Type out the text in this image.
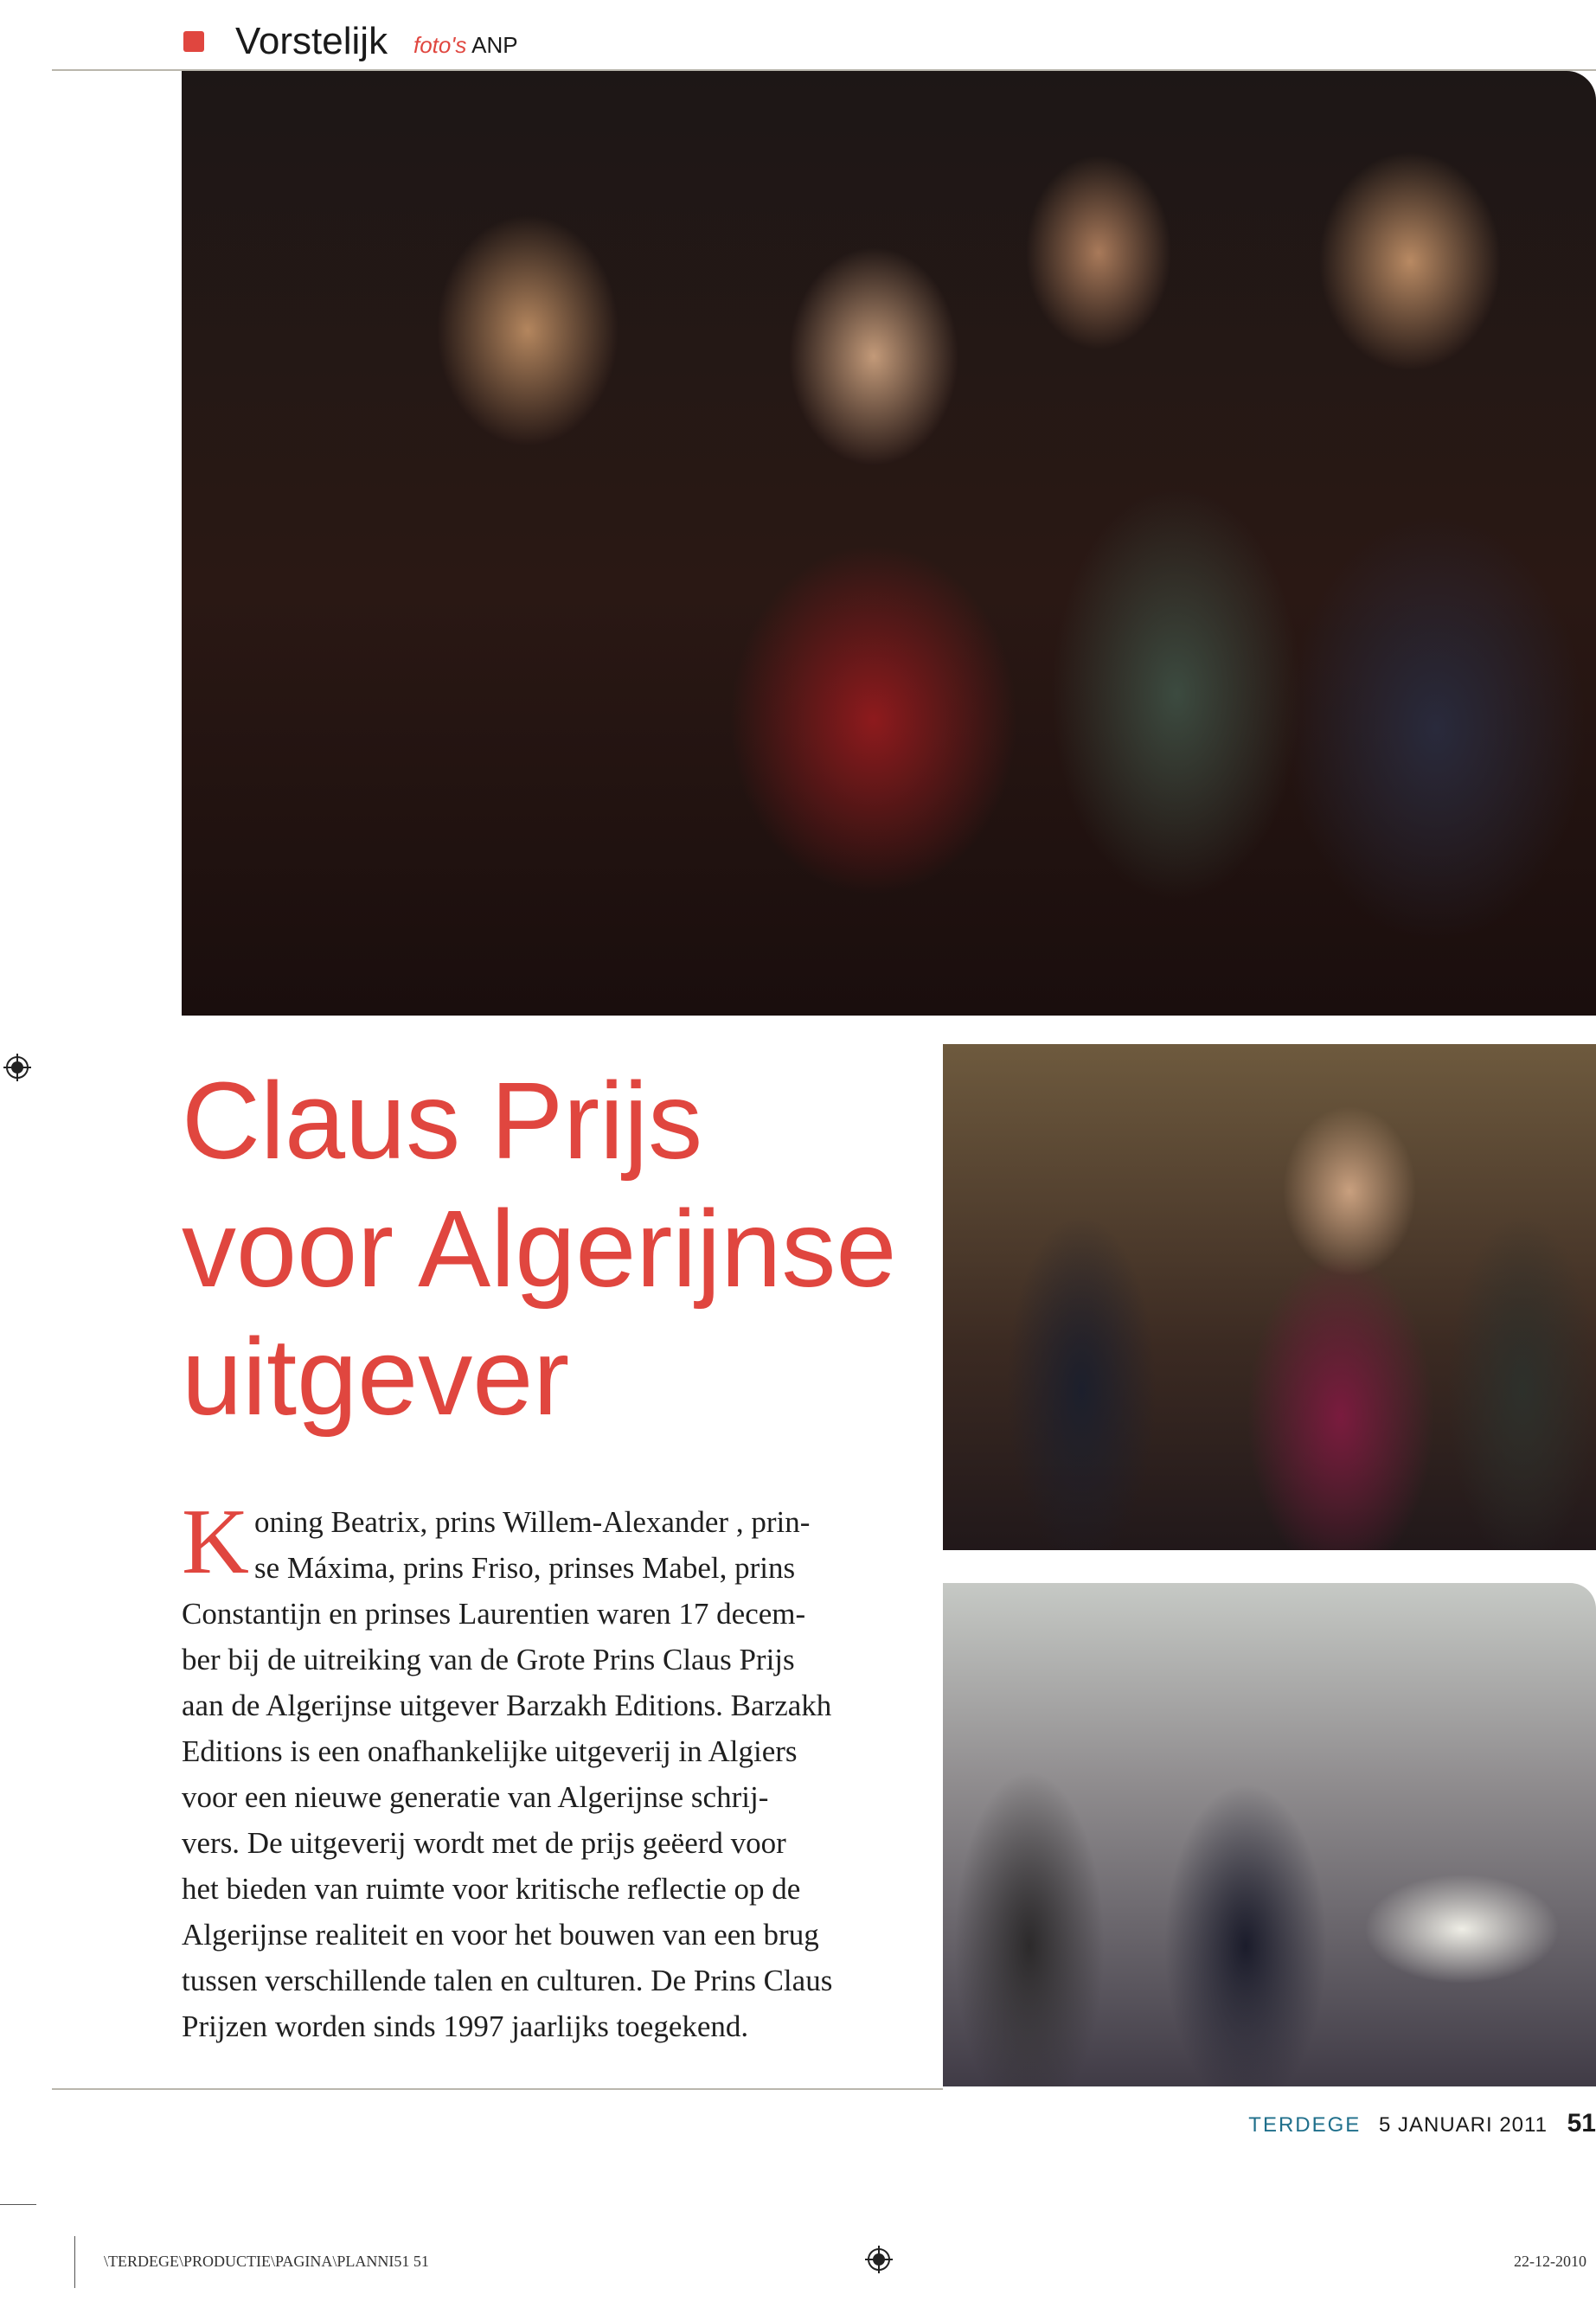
Vorstelijk foto's ANP
Claus Prijs
voor Algerijnse
uitgever
K oning Beatrix, prins Willem-Alexander , prin-
se Máxima, prins Friso, prinses Mabel, prins
Constantijn en prinses Laurentien waren 17 decem-
ber bij de uitreiking van de Grote Prins Claus Prijs
aan de Algerijnse uitgever Barzakh Editions. Barzakh
Editions is een onafhankelijke uitgeverij in Algiers
voor een nieuwe generatie van Algerijnse schrij-
vers. De uitgeverij wordt met de prijs geëerd voor
het bieden van ruimte voor kritische reflectie op de
Algerijnse realiteit en voor het bouwen van een brug
tussen verschillende talen en culturen. De Prins Claus
Prijzen worden sinds 1997 jaarlijks toegekend.
TERDEGE 5 JANUARI 2011 51
\TERDEGE\PRODUCTIE\PAGINA\PLANNI51 51	22-12-2010
